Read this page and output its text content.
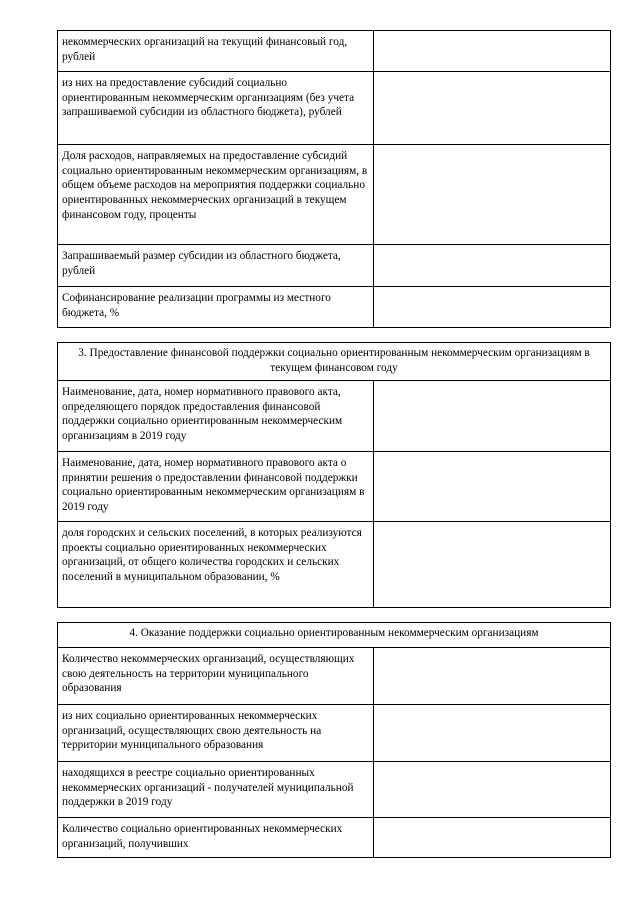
некоммерческих организаций на текущий финансовый год, рублей	
из них на предоставление субсидий социально ориентированным некоммерческим организациям (без учета запрашиваемой субсидии из областного бюджета), рублей	
Доля расходов, направляемых на предоставление субсидий социально ориентированным некоммерческим организациям, в общем объеме расходов на мероприятия поддержки социально ориентированных некоммерческих организаций в текущем финансовом году, проценты	
Запрашиваемый размер субсидии из областного бюджета, рублей	
Софинансирование реализации программы из местного бюджета, %	
3. Предоставление финансовой поддержки социально ориентированным некоммерческим организациям в текущем финансовом году	
Наименование, дата, номер нормативного правового акта, определяющего порядок предоставления финансовой поддержки социально ориентированным некоммерческим организациям в 2019 году	
Наименование, дата, номер нормативного правового акта о принятии решения о предоставлении финансовой поддержки социально ориентированным некоммерческим организациям в 2019 году	
доля городских и сельских поселений, в которых реализуются проекты социально ориентированных некоммерческих организаций, от общего количества городских и сельских поселений в муниципальном образовании, %	
4. Оказание поддержки социально ориентированным некоммерческим организациям	
Количество некоммерческих организаций, осуществляющих свою деятельность на территории муниципального образования	
из них социально ориентированных некоммерческих организаций, осуществляющих свою деятельность на территории муниципального образования	
находящихся в реестре социально ориентированных некоммерческих организаций - получателей муниципальной поддержки в 2019 году	
Количество социально ориентированных некоммерческих организаций, получивших	
